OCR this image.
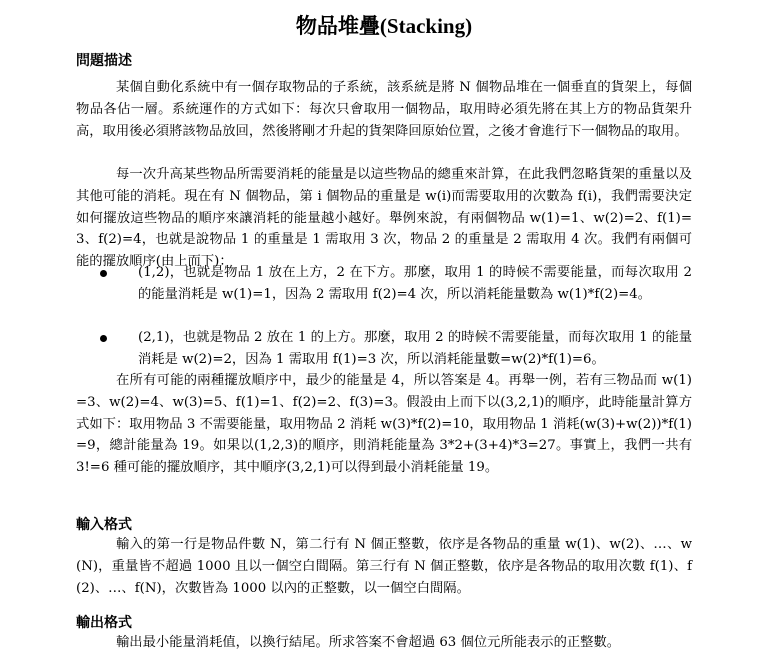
物品堆疊(Stacking)
問題描述
某個自動化系統中有一個存取物品的子系統，該系統是將 N 個物品堆在一個垂直的貨架上，每個物品各佔一層。系統運作的方式如下：每次只會取用一個物品，取用時必須先將在其上方的物品貨架升高，取用後必須將該物品放回，然後將剛才升起的貨架降回原始位置，之後才會進行下一個物品的取用。
每一次升高某些物品所需要消耗的能量是以這些物品的總重來計算，在此我們忽略貨架的重量以及其他可能的消耗。現在有 N 個物品，第 i 個物品的重量是 w(i)而需要取用的次數為 f(i)，我們需要決定如何擺放這些物品的順序來讓消耗的能量越小越好。舉例來說，有兩個物品 w(1)=1、w(2)=2、f(1)=3、f(2)=4，也就是說物品 1 的重量是 1 需取用 3 次，物品 2 的重量是 2 需取用 4 次。我們有兩個可能的擺放順序(由上而下)：
(1,2)，也就是物品 1 放在上方，2 在下方。那麼，取用 1 的時候不需要能量，而每次取用 2 的能量消耗是 w(1)=1，因為 2 需取用 f(2)=4 次，所以消耗能量數為 w(1)*f(2)=4。
(2,1)，也就是物品 2 放在 1 的上方。那麼，取用 2 的時候不需要能量，而每次取用 1 的能量消耗是 w(2)=2，因為 1 需取用 f(1)=3 次，所以消耗能量數=w(2)*f(1)=6。
在所有可能的兩種擺放順序中，最少的能量是 4，所以答案是 4。再舉一例，若有三物品而 w(1)=3、w(2)=4、w(3)=5、f(1)=1、f(2)=2、f(3)=3。假設由上而下以(3,2,1)的順序，此時能量計算方式如下：取用物品 3 不需要能量，取用物品 2 消耗 w(3)*f(2)=10，取用物品 1 消耗(w(3)+w(2))*f(1)=9，總計能量為 19。如果以(1,2,3)的順序，則消耗能量為 3*2+(3+4)*3=27。事實上，我們一共有 3!=6 種可能的擺放順序，其中順序(3,2,1)可以得到最小消耗能量 19。
輸入格式
輸入的第一行是物品件數 N，第二行有 N 個正整數，依序是各物品的重量 w(1)、w(2)、…、w(N)，重量皆不超過 1000 且以一個空白間隔。第三行有 N 個正整數，依序是各物品的取用次數 f(1)、f(2)、…、f(N)，次數皆為 1000 以內的正整數，以一個空白間隔。
輸出格式
輸出最小能量消耗值，以換行結尾。所求答案不會超過 63 個位元所能表示的正整數。
